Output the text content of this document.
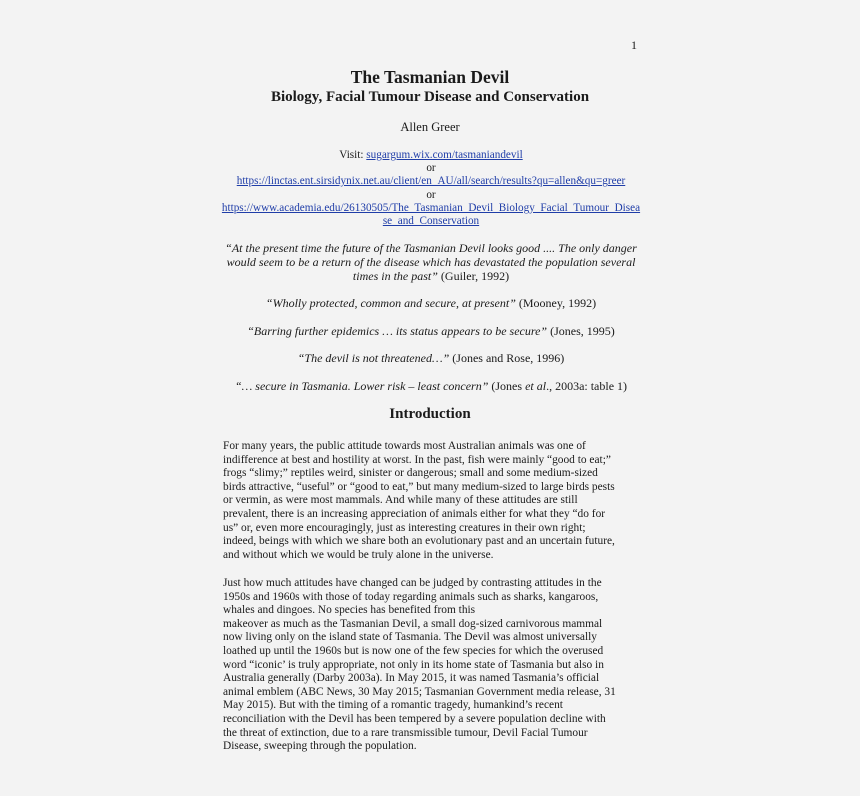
1
The Tasmanian Devil
Biology, Facial Tumour Disease and Conservation
Allen Greer
Visit: sugargum.wix.com/tasmaniandevil
or
https://linctas.ent.sirsidynix.net.au/client/en_AU/all/search/results?qu=allen&qu=greer
or
https://www.academia.edu/26130505/The_Tasmanian_Devil_Biology_Facial_Tumour_Disea
se_and_Conservation
“At the present time the future of the Tasmanian Devil looks good .... The only danger
would seem to be a return of the disease which has devastated the population several
times in the past” (Guiler, 1992)
“Wholly protected, common and secure, at present” (Mooney, 1992)
“Barring further epidemics … its status appears to be secure” (Jones, 1995)
“The devil is not threatened…” (Jones and Rose, 1996)
“… secure in Tasmania. Lower risk – least concern” (Jones et al., 2003a: table 1)
Introduction
For many years, the public attitude towards most Australian animals was one of
indifference at best and hostility at worst. In the past, fish were mainly “good to eat;”
frogs “slimy;” reptiles weird, sinister or dangerous; small and some medium-sized
birds attractive, “useful” or “good to eat,” but many medium-sized to large birds pests
or vermin, as were most mammals. And while many of these attitudes are still
prevalent, there is an increasing appreciation of animals either for what they “do for
us” or, even more encouragingly, just as interesting creatures in their own right;
indeed, beings with which we share both an evolutionary past and an uncertain future,
and without which we would be truly alone in the universe.
Just how much attitudes have changed can be judged by contrasting attitudes in the
1950s and 1960s with those of today regarding animals such as sharks, kangaroos,
whales and dingoes. No species has benefited from this
makeover as much as the Tasmanian Devil, a small dog-sized carnivorous mammal
now living only on the island state of Tasmania. The Devil was almost universally
loathed up until the 1960s but is now one of the few species for which the overused
word “iconic’ is truly appropriate, not only in its home state of Tasmania but also in
Australia generally (Darby 2003a). In May 2015, it was named Tasmania’s official
animal emblem (ABC News, 30 May 2015; Tasmanian Government media release, 31
May 2015). But with the timing of a romantic tragedy, humankind’s recent
reconciliation with the Devil has been tempered by a severe population decline with
the threat of extinction, due to a rare transmissible tumour, Devil Facial Tumour
Disease, sweeping through the population.
